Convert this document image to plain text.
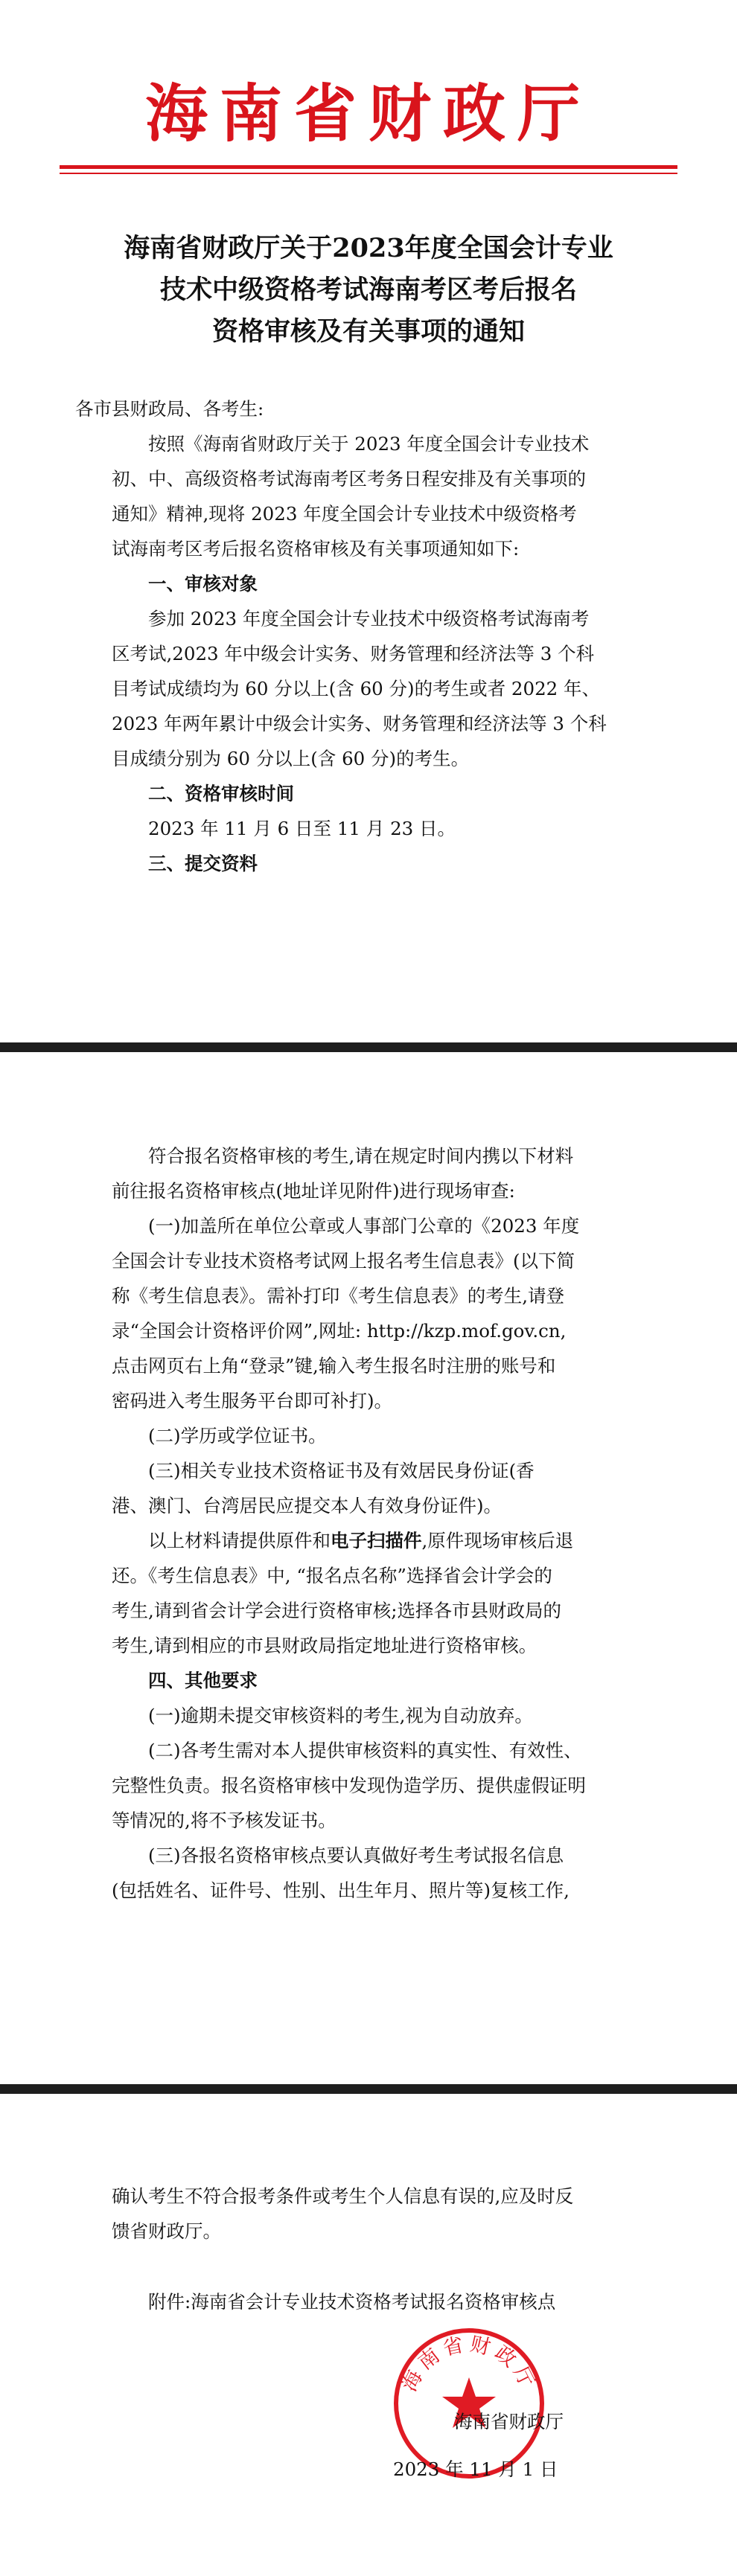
海南省财政厅
海南省财政厅关于2023年度全国会计专业
技术中级资格考试海南考区考后报名
资格审核及有关事项的通知
各市县财政局、各考生:
按照《海南省财政厅关于 2023 年度全国会计专业技术
初、中、高级资格考试海南考区考务日程安排及有关事项的
通知》精神,现将 2023 年度全国会计专业技术中级资格考
试海南考区考后报名资格审核及有关事项通知如下:
一、审核对象
参加 2023 年度全国会计专业技术中级资格考试海南考
区考试,2023 年中级会计实务、财务管理和经济法等 3 个科
目考试成绩均为 60 分以上(含 60 分)的考生或者 2022 年、
2023 年两年累计中级会计实务、财务管理和经济法等 3 个科
目成绩分别为 60 分以上(含 60 分)的考生。
二、资格审核时间
2023 年 11 月 6 日至 11 月 23 日。
三、提交资料
符合报名资格审核的考生,请在规定时间内携以下材料
前往报名资格审核点(地址详见附件)进行现场审查:
(一)加盖所在单位公章或人事部门公章的《2023 年度
全国会计专业技术资格考试网上报名考生信息表》(以下简
称《考生信息表》。需补打印《考生信息表》的考生,请登
录“全国会计资格评价网”,网址: http://kzp.mof.gov.cn,
点击网页右上角“登录”键,输入考生报名时注册的账号和
密码进入考生服务平台即可补打)。
(二)学历或学位证书。
(三)相关专业技术资格证书及有效居民身份证(香
港、澳门、台湾居民应提交本人有效身份证件)。
以上材料请提供原件和电子扫描件,原件现场审核后退
还。《考生信息表》中, “报名点名称”选择省会计学会的
考生,请到省会计学会进行资格审核;选择各市县财政局的
考生,请到相应的市县财政局指定地址进行资格审核。
四、其他要求
(一)逾期未提交审核资料的考生,视为自动放弃。
(二)各考生需对本人提供审核资料的真实性、有效性、
完整性负责。报名资格审核中发现伪造学历、提供虚假证明
等情况的,将不予核发证书。
(三)各报名资格审核点要认真做好考生考试报名信息
(包括姓名、证件号、性别、出生年月、照片等)复核工作,
确认考生不符合报考条件或考生个人信息有误的,应及时反
馈省财政厅。
附件:海南省会计专业技术资格考试报名资格审核点
海南省财政厅
海南省财政厅
2023 年 11 月 1 日
